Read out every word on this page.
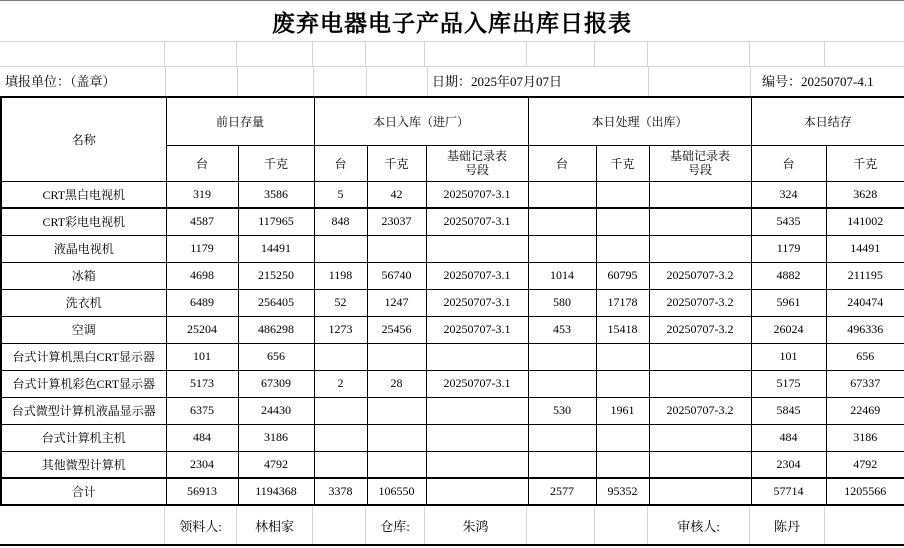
废弃电器电子产品入库出库日报表
填报单位：（盖章）	日期：2025年07月07日	编号：20250707-4.1
名称	前日存量		本日入库（进厂）			本日处理（出库）			本日结存	
	台	千克	台	千克	基础记录表号段	台	千克	基础记录表号段	台	千克
CRT黑白电视机	319	3586	5	42	20250707-3.1				324	3628
CRT彩电电视机	4587	117965	848	23037	20250707-3.1				5435	141002
液晶电视机	1179	14491							1179	14491
冰箱	4698	215250	1198	56740	20250707-3.1	1014	60795	20250707-3.2	4882	211195
洗衣机	6489	256405	52	1247	20250707-3.1	580	17178	20250707-3.2	5961	240474
空调	25204	486298	1273	25456	20250707-3.1	453	15418	20250707-3.2	26024	496336
台式计算机黑白CRT显示器	101	656							101	656
台式计算机彩色CRT显示器	5173	67309	2	28	20250707-3.1				5175	67337
台式微型计算机液晶显示器	6375	24430				530	1961	20250707-3.2	5845	22469
台式计算机主机	484	3186							484	3186
其他微型计算机	2304	4792							2304	4792
合计	56913	1194368	3378	106550		2577	95352		57714	1205566
领料人:	林相家	仓库:	朱鸿	审核人:	陈丹
